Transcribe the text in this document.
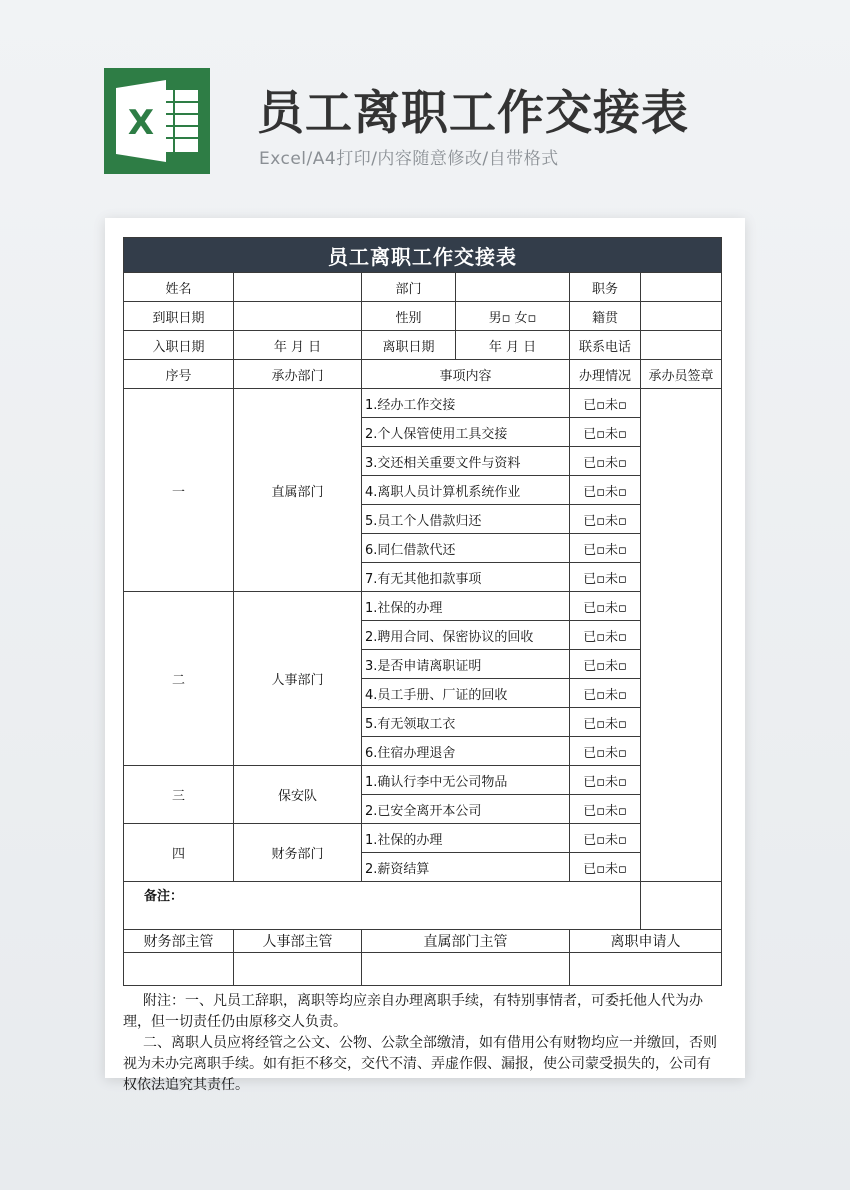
X 员工离职工作交接表
Excel/A4打印/内容随意修改/自带格式
员工离职工作交接表					
姓名		部门		职务	
到职日期		性别	男▫ 女▫	籍贯	
入职日期	年 月 日	离职日期	年 月 日	联系电话	
序号	承办部门	事项内容		办理情况	承办员签章
一	直属部门	1.经办工作交接		已▫未▫	
		2.个人保管使用工具交接		已▫未▫	
		3.交还相关重要文件与资料		已▫未▫	
		4.离职人员计算机系统作业		已▫未▫	
		5.员工个人借款归还		已▫未▫	
		6.同仁借款代还		已▫未▫	
		7.有无其他扣款事项		已▫未▫	
二	人事部门	1.社保的办理		已▫未▫	
		2.聘用合同、保密协议的回收		已▫未▫	
		3.是否申请离职证明		已▫未▫	
		4.员工手册、厂证的回收		已▫未▫	
		5.有无领取工衣		已▫未▫	
		6.住宿办理退舍		已▫未▫	
三	保安队	1.确认行李中无公司物品		已▫未▫	
		2.已安全离开本公司		已▫未▫	
四	财务部门	1.社保的办理		已▫未▫	
		2.薪资结算		已▫未▫	
备注：					
财务部主管	人事部主管	直属部门主管		离职申请人	

附注：一、凡员工辞职，离职等均应亲自办理离职手续，有特别事情者，可委托他人代为办理，但一切责任仍由原移交人负责。

二、离职人员应将经管之公文、公物、公款全部缴清，如有借用公有财物均应一并缴回，否则视为未办完离职手续。如有拒不移交，交代不清、弄虚作假、漏报，使公司蒙受损失的，公司有权依法追究其责任。
